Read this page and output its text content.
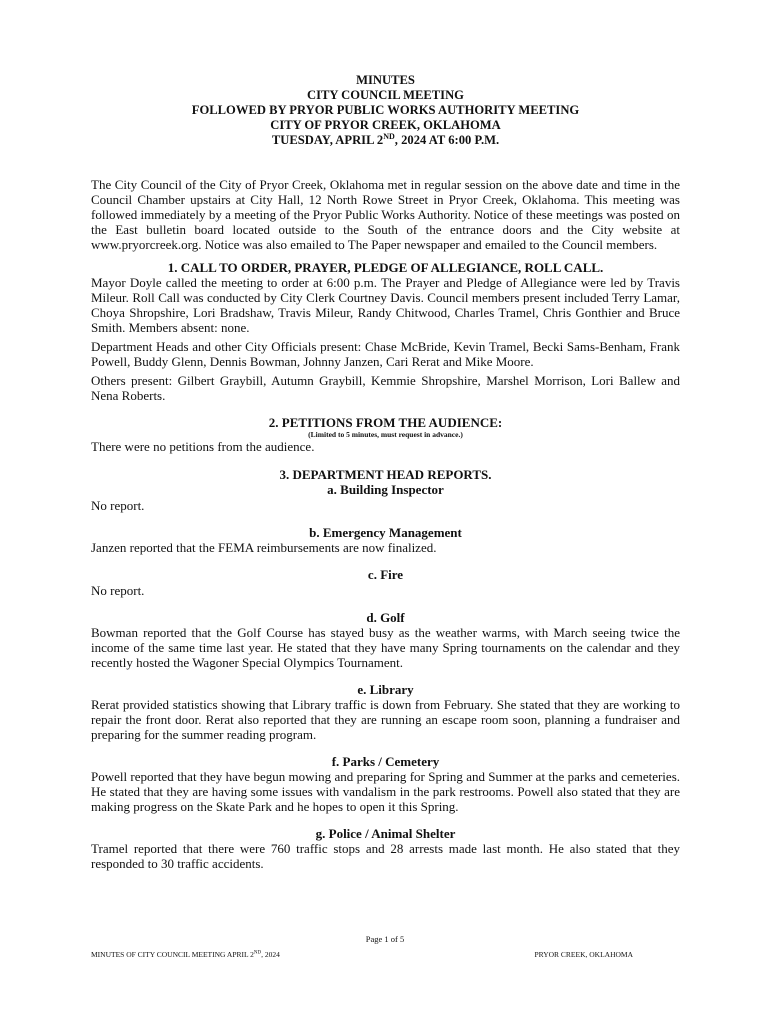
MINUTES
CITY COUNCIL MEETING
FOLLOWED BY PRYOR PUBLIC WORKS AUTHORITY MEETING
CITY OF PRYOR CREEK, OKLAHOMA
TUESDAY, APRIL 2ND, 2024 AT 6:00 P.M.

The City Council of the City of Pryor Creek, Oklahoma met in regular session on the above date and time in the Council Chamber upstairs at City Hall, 12 North Rowe Street in Pryor Creek, Oklahoma. This meeting was followed immediately by a meeting of the Pryor Public Works Authority. Notice of these meetings was posted on the East bulletin board located outside to the South of the entrance doors and the City website at www.pryorcreek.org. Notice was also emailed to The Paper newspaper and emailed to the Council members.

1. CALL TO ORDER, PRAYER, PLEDGE OF ALLEGIANCE, ROLL CALL.

Mayor Doyle called the meeting to order at 6:00 p.m. The Prayer and Pledge of Allegiance were led by Travis Mileur. Roll Call was conducted by City Clerk Courtney Davis. Council members present included Terry Lamar, Choya Shropshire, Lori Bradshaw, Travis Mileur, Randy Chitwood, Charles Tramel, Chris Gonthier and Bruce Smith. Members absent: none.

Department Heads and other City Officials present: Chase McBride, Kevin Tramel, Becki Sams-Benham, Frank Powell, Buddy Glenn, Dennis Bowman, Johnny Janzen, Cari Rerat and Mike Moore.

Others present: Gilbert Graybill, Autumn Graybill, Kemmie Shropshire, Marshel Morrison, Lori Ballew and Nena Roberts.

2. PETITIONS FROM THE AUDIENCE:
(Limited to 5 minutes, must request in advance.)

There were no petitions from the audience.

3. DEPARTMENT HEAD REPORTS.
a. Building Inspector

No report.

b. Emergency Management

Janzen reported that the FEMA reimbursements are now finalized.

c. Fire

No report.

d. Golf

Bowman reported that the Golf Course has stayed busy as the weather warms, with March seeing twice the income of the same time last year. He stated that they have many Spring tournaments on the calendar and they recently hosted the Wagoner Special Olympics Tournament.

e. Library

Rerat provided statistics showing that Library traffic is down from February. She stated that they are working to repair the front door. Rerat also reported that they are running an escape room soon, planning a fundraiser and preparing for the summer reading program.

f. Parks / Cemetery

Powell reported that they have begun mowing and preparing for Spring and Summer at the parks and cemeteries. He stated that they are having some issues with vandalism in the park restrooms. Powell also stated that they are making progress on the Skate Park and he hopes to open it this Spring.

g. Police / Animal Shelter

Tramel reported that there were 760 traffic stops and 28 arrests made last month. He also stated that they responded to 30 traffic accidents.

Page 1 of 5
MINUTES OF CITY COUNCIL MEETING APRIL 2ND, 2024	PRYOR CREEK, OKLAHOMA
